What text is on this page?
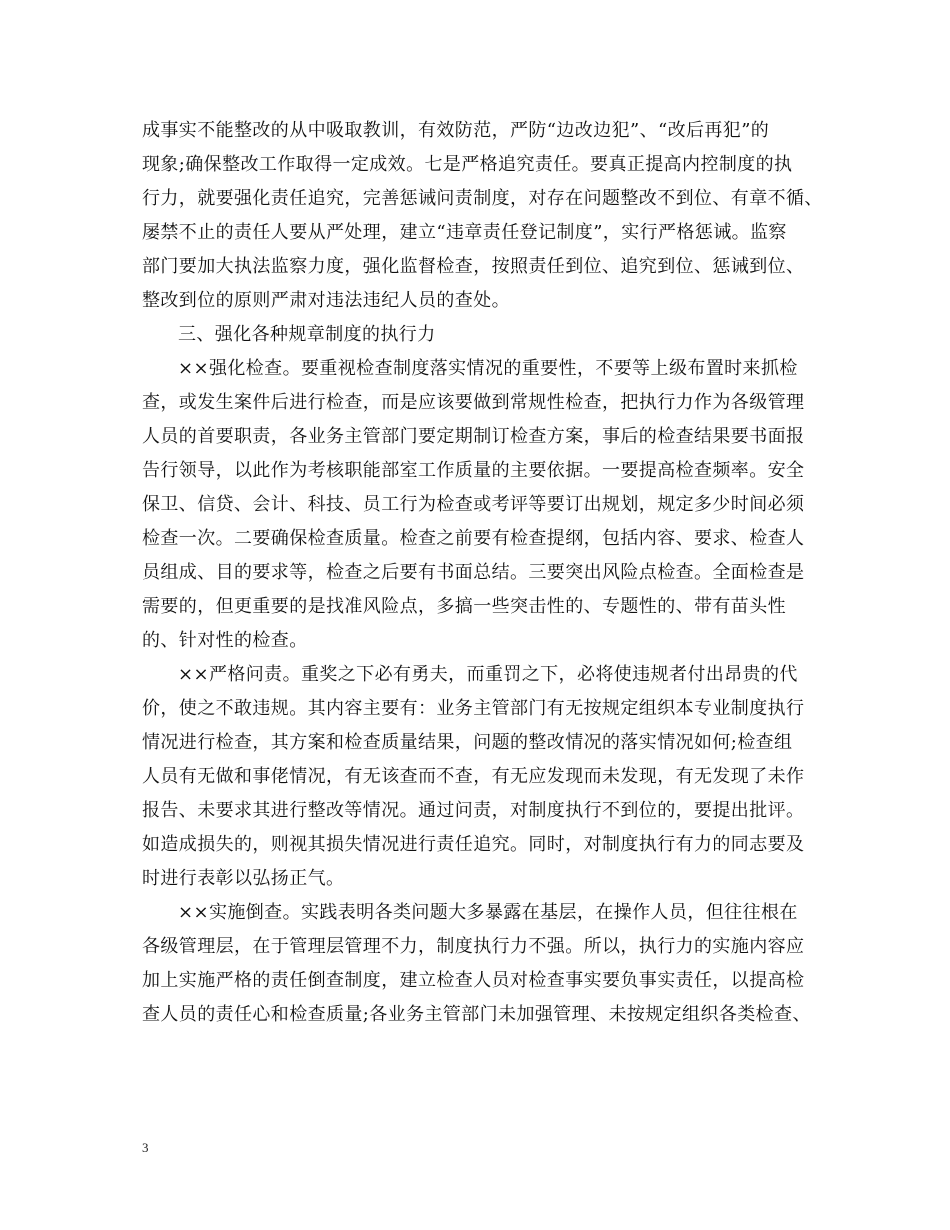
成事实不能整改的从中吸取教训，有效防范，严防“边改边犯”、“改后再犯”的
现象;确保整改工作取得一定成效。七是严格追究责任。要真正提高内控制度的执
行力，就要强化责任追究，完善惩诫问责制度，对存在问题整改不到位、有章不循、
屡禁不止的责任人要从严处理，建立“违章责任登记制度”，实行严格惩诫。监察
部门要加大执法监察力度，强化监督检查，按照责任到位、追究到位、惩诫到位、
整改到位的原则严肃对违法违纪人员的查处。

三、强化各种规章制度的执行力

××强化检查。要重视检查制度落实情况的重要性，不要等上级布置时来抓检
查，或发生案件后进行检查，而是应该要做到常规性检查，把执行力作为各级管理
人员的首要职责，各业务主管部门要定期制订检查方案，事后的检查结果要书面报
告行领导，以此作为考核职能部室工作质量的主要依据。一要提高检查频率。安全
保卫、信贷、会计、科技、员工行为检查或考评等要订出规划，规定多少时间必须
检查一次。二要确保检查质量。检查之前要有检查提纲，包括内容、要求、检查人
员组成、目的要求等，检查之后要有书面总结。三要突出风险点检查。全面检查是
需要的，但更重要的是找准风险点，多搞一些突击性的、专题性的、带有苗头性
的、针对性的检查。

××严格问责。重奖之下必有勇夫，而重罚之下，必将使违规者付出昂贵的代
价，使之不敢违规。其内容主要有：业务主管部门有无按规定组织本专业制度执行
情况进行检查，其方案和检查质量结果，问题的整改情况的落实情况如何;检查组
人员有无做和事佬情况，有无该查而不查，有无应发现而未发现，有无发现了未作
报告、未要求其进行整改等情况。通过问责，对制度执行不到位的，要提出批评。
如造成损失的，则视其损失情况进行责任追究。同时，对制度执行有力的同志要及
时进行表彰以弘扬正气。

××实施倒查。实践表明各类问题大多暴露在基层，在操作人员，但往往根在
各级管理层，在于管理层管理不力，制度执行力不强。所以，执行力的实施内容应
加上实施严格的责任倒查制度，建立检查人员对检查事实要负事实责任，以提高检
查人员的责任心和检查质量;各业务主管部门未加强管理、未按规定组织各类检查、

3
